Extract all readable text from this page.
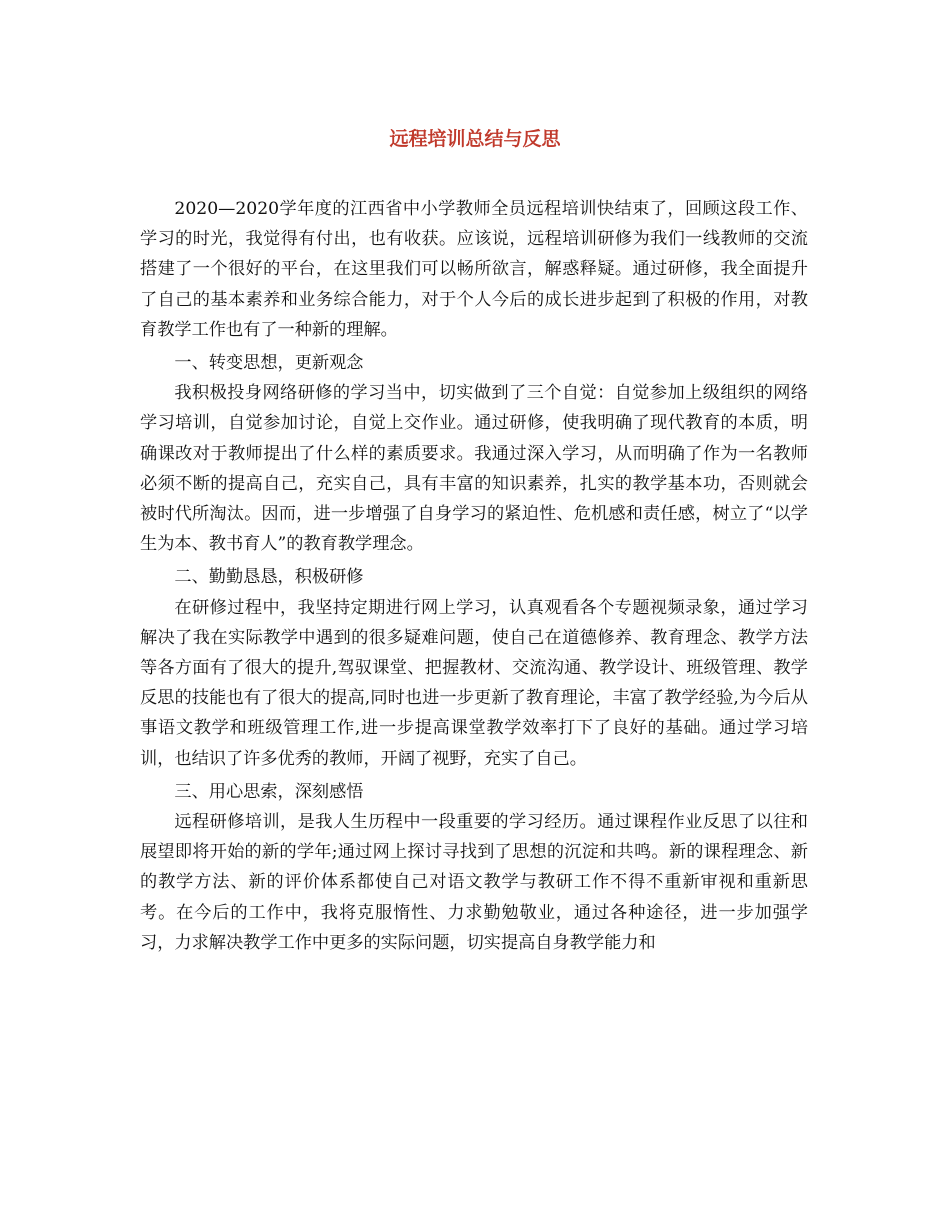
远程培训总结与反思

2020—2020学年度的江西省中小学教师全员远程培训快结束了，回顾这段工作、学习的时光，我觉得有付出，也有收获。应该说，远程培训研修为我们一线教师的交流搭建了一个很好的平台，在这里我们可以畅所欲言，解惑释疑。通过研修，我全面提升了自己的基本素养和业务综合能力，对于个人今后的成长进步起到了积极的作用，对教育教学工作也有了一种新的理解。

一、转变思想，更新观念

我积极投身网络研修的学习当中，切实做到了三个自觉：自觉参加上级组织的网络学习培训，自觉参加讨论，自觉上交作业。通过研修，使我明确了现代教育的本质，明确课改对于教师提出了什么样的素质要求。我通过深入学习，从而明确了作为一名教师必须不断的提高自己，充实自己，具有丰富的知识素养，扎实的教学基本功，否则就会被时代所淘汰。因而，进一步增强了自身学习的紧迫性、危机感和责任感，树立了“以学生为本、教书育人”的教育教学理念。

二、勤勤恳恳，积极研修

在研修过程中，我坚持定期进行网上学习，认真观看各个专题视频录象，通过学习解决了我在实际教学中遇到的很多疑难问题，使自己在道德修养、教育理念、教学方法等各方面有了很大的提升,驾驭课堂、把握教材、交流沟通、教学设计、班级管理、教学反思的技能也有了很大的提高,同时也进一步更新了教育理论，丰富了教学经验,为今后从事语文教学和班级管理工作,进一步提高课堂教学效率打下了良好的基础。通过学习培训，也结识了许多优秀的教师，开阔了视野，充实了自己。

三、用心思索，深刻感悟

远程研修培训，是我人生历程中一段重要的学习经历。通过课程作业反思了以往和展望即将开始的新的学年;通过网上探讨寻找到了思想的沉淀和共鸣。新的课程理念、新的教学方法、新的评价体系都使自己对语文教学与教研工作不得不重新审视和重新思考。在今后的工作中，我将克服惰性、力求勤勉敬业，通过各种途径，进一步加强学习，力求解决教学工作中更多的实际问题，切实提高自身教学能力和
